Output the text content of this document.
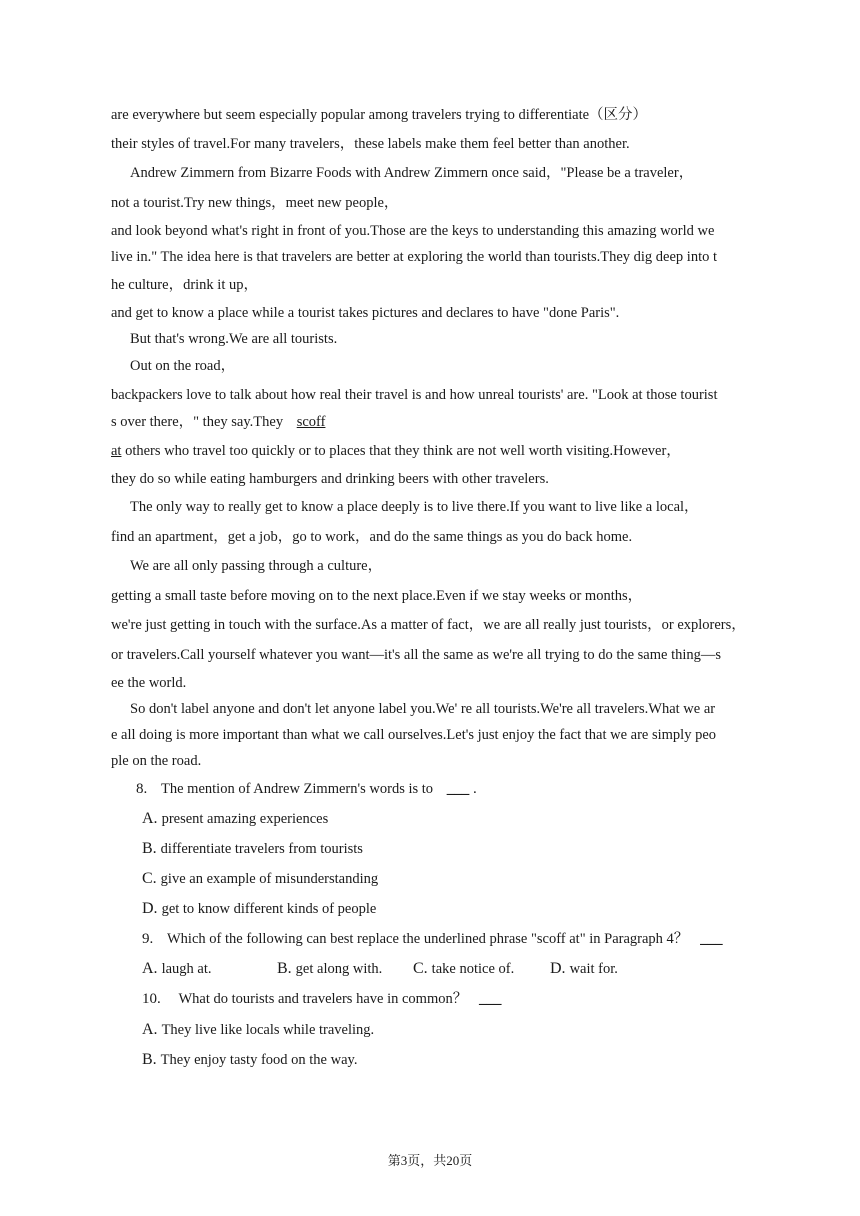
are everywhere but seem especially popular among travelers trying to differentiate（区分）
their styles of travel.For many travelers，these labels make them feel better than another.
Andrew Zimmern from Bizarre Foods with Andrew Zimmern once said，"Please be a traveler，
not a tourist.Try new things，meet new people，
and look beyond what's right in front of you.Those are the keys to understanding this amazing world we
live in." The idea here is that travelers are better at exploring the world than tourists.They dig deep into t
he culture，drink it up，
and get to know a place while a tourist takes pictures and declares to have "done Paris".
But that's wrong.We are all tourists.
Out on the road，
backpackers love to talk about how real their travel is and how unreal tourists' are. "Look at those tourist
s over there，" they say.They scoff
at others who travel too quickly or to places that they think are not well worth visiting.However，
they do so while eating hamburgers and drinking beers with other travelers.
The only way to really get to know a place deeply is to live there.If you want to live like a local，
find an apartment，get a job，go to work，and do the same things as you do back home.
We are all only passing through a culture，
getting a small taste before moving on to the next place.Even if we stay weeks or months，
we're just getting in touch with the surface.As a matter of fact，we are all really just tourists，or explorers，
or travelers.Call yourself whatever you want—it's all the same as we're all trying to do the same thing—s
ee the world.
So don't label anyone and don't let anyone label you.We' re all tourists.We're all travelers.What we ar
e all doing is more important than what we call ourselves.Let's just enjoy the fact that we are simply peo
ple on the road.
8. The mention of Andrew Zimmern's words is to ___ .
A. present amazing experiences
B. differentiate travelers from tourists
C. give an example of misunderstanding
D. get to know different kinds of people
9. Which of the following can best replace the underlined phrase "scoff at" in Paragraph 4？ ___
A. laugh at.	B. get along with. C. take notice of. D. wait for.
10. What do tourists and travelers have in common？ ___
A. They live like locals while traveling.
B. They enjoy tasty food on the way.
第3页，共20页
